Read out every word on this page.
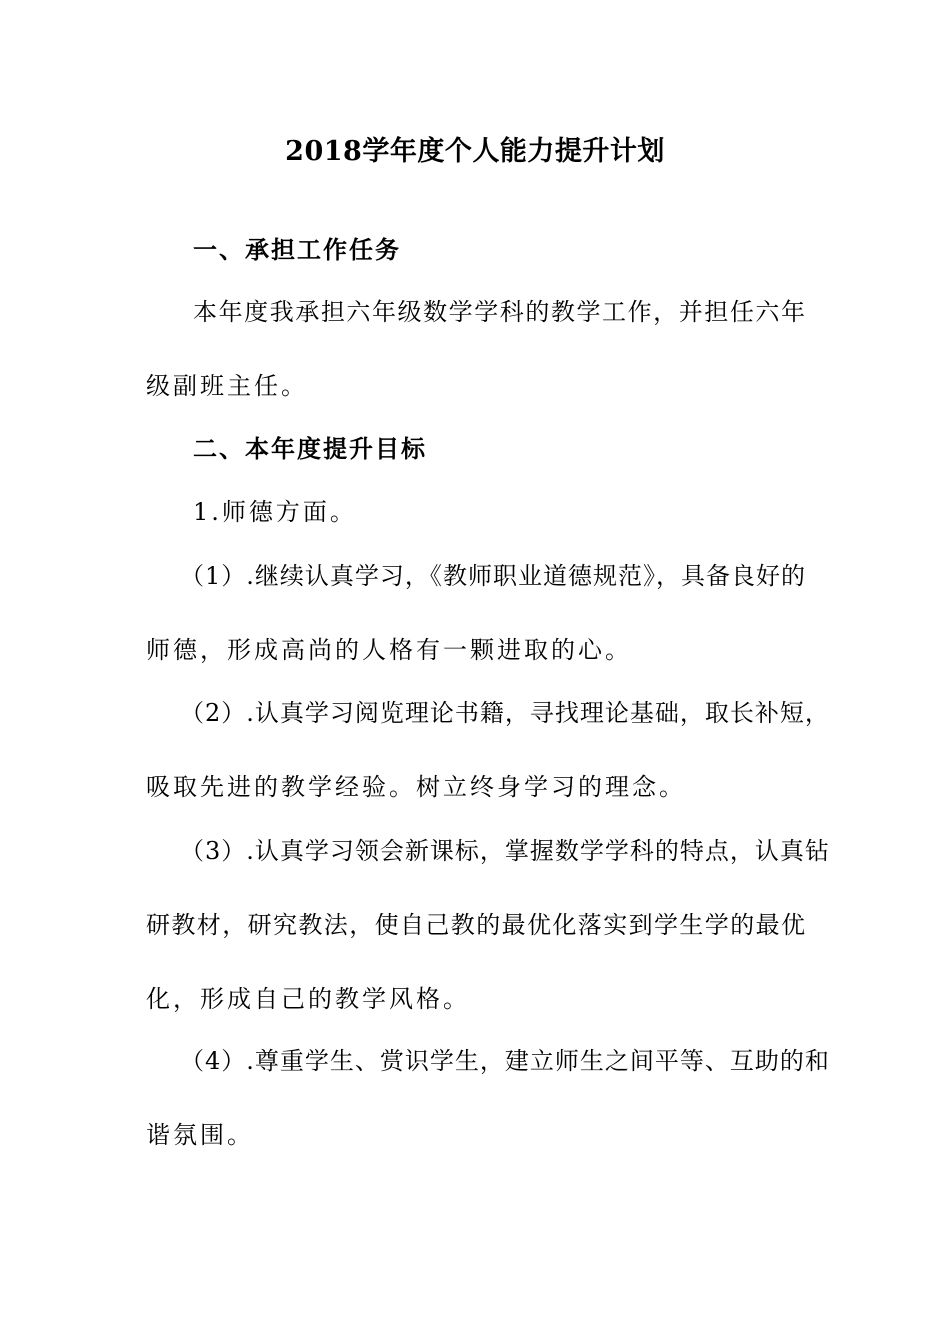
2018学年度个人能力提升计划
一、承担工作任务
本年度我承担六年级数学学科的教学工作，并担任六年
级副班主任。
二、本年度提升目标
1.师德方面。
（1）.继续认真学习，《教师职业道德规范》，具备良好的
师德，形成高尚的人格有一颗进取的心。
（2）.认真学习阅览理论书籍，寻找理论基础，取长补短，
吸取先进的教学经验。树立终身学习的理念。
（3）.认真学习领会新课标，掌握数学学科的特点，认真钻
研教材，研究教法，使自己教的最优化落实到学生学的最优
化，形成自己的教学风格。
（4）.尊重学生、赏识学生，建立师生之间平等、互助的和
谐氛围。
